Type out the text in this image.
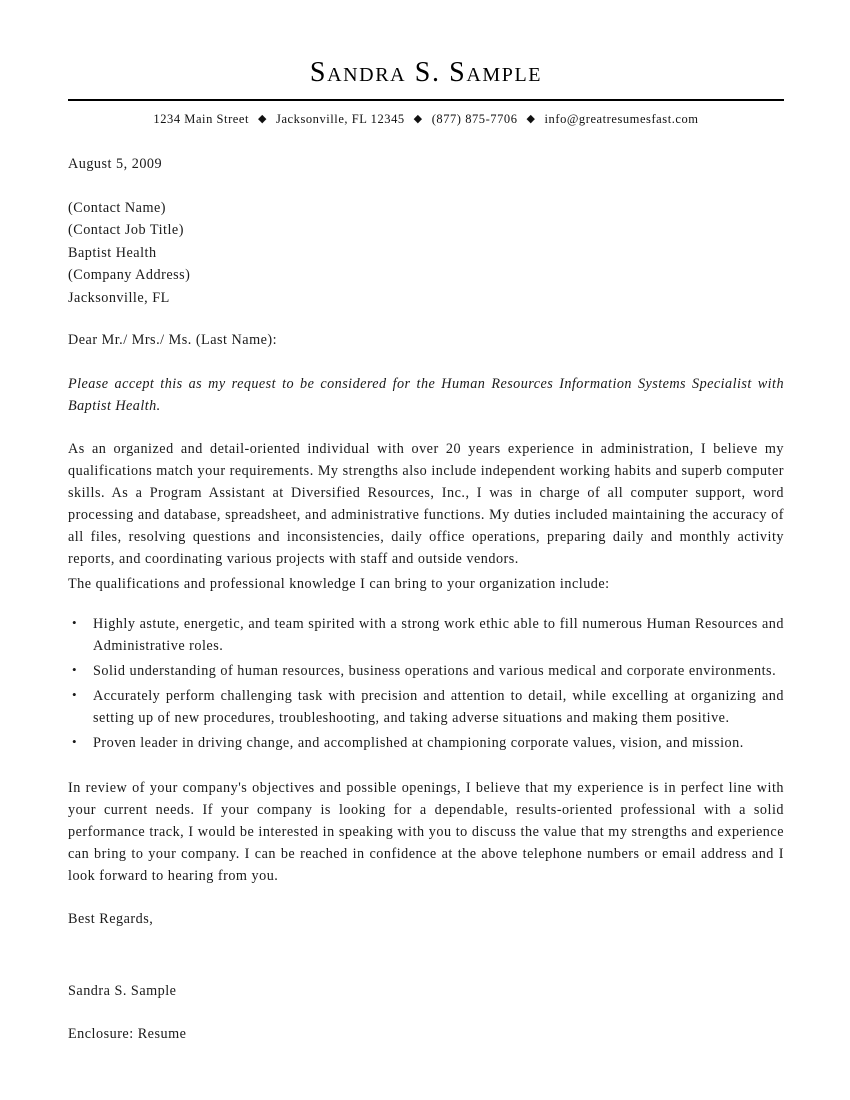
Sandra S. Sample
1234 Main Street ◆ Jacksonville, FL 12345 ◆ (877) 875-7706 ◆ info@greatresumesfast.com

August 5, 2009

(Contact Name)
(Contact Job Title)
Baptist Health
(Company Address)
Jacksonville, FL

Dear Mr./ Mrs./ Ms. (Last Name):

Please accept this as my request to be considered for the Human Resources Information Systems Specialist with Baptist Health.

As an organized and detail-oriented individual with over 20 years experience in administration, I believe my qualifications match your requirements. My strengths also include independent working habits and superb computer skills. As a Program Assistant at Diversified Resources, Inc., I was in charge of all computer support, word processing and database, spreadsheet, and administrative functions. My duties included maintaining the accuracy of all files, resolving questions and inconsistencies, daily office operations, preparing daily and monthly activity reports, and coordinating various projects with staff and outside vendors.

The qualifications and professional knowledge I can bring to your organization include:

• Highly astute, energetic, and team spirited with a strong work ethic able to fill numerous Human Resources and Administrative roles.
• Solid understanding of human resources, business operations and various medical and corporate environments.
• Accurately perform challenging task with precision and attention to detail, while excelling at organizing and setting up of new procedures, troubleshooting, and taking adverse situations and making them positive.
• Proven leader in driving change, and accomplished at championing corporate values, vision, and mission.

In review of your company's objectives and possible openings, I believe that my experience is in perfect line with your current needs. If your company is looking for a dependable, results-oriented professional with a solid performance track, I would be interested in speaking with you to discuss the value that my strengths and experience can bring to your company. I can be reached in confidence at the above telephone numbers or email address and I look forward to hearing from you.

Best Regards,

Sandra S. Sample

Enclosure: Resume
